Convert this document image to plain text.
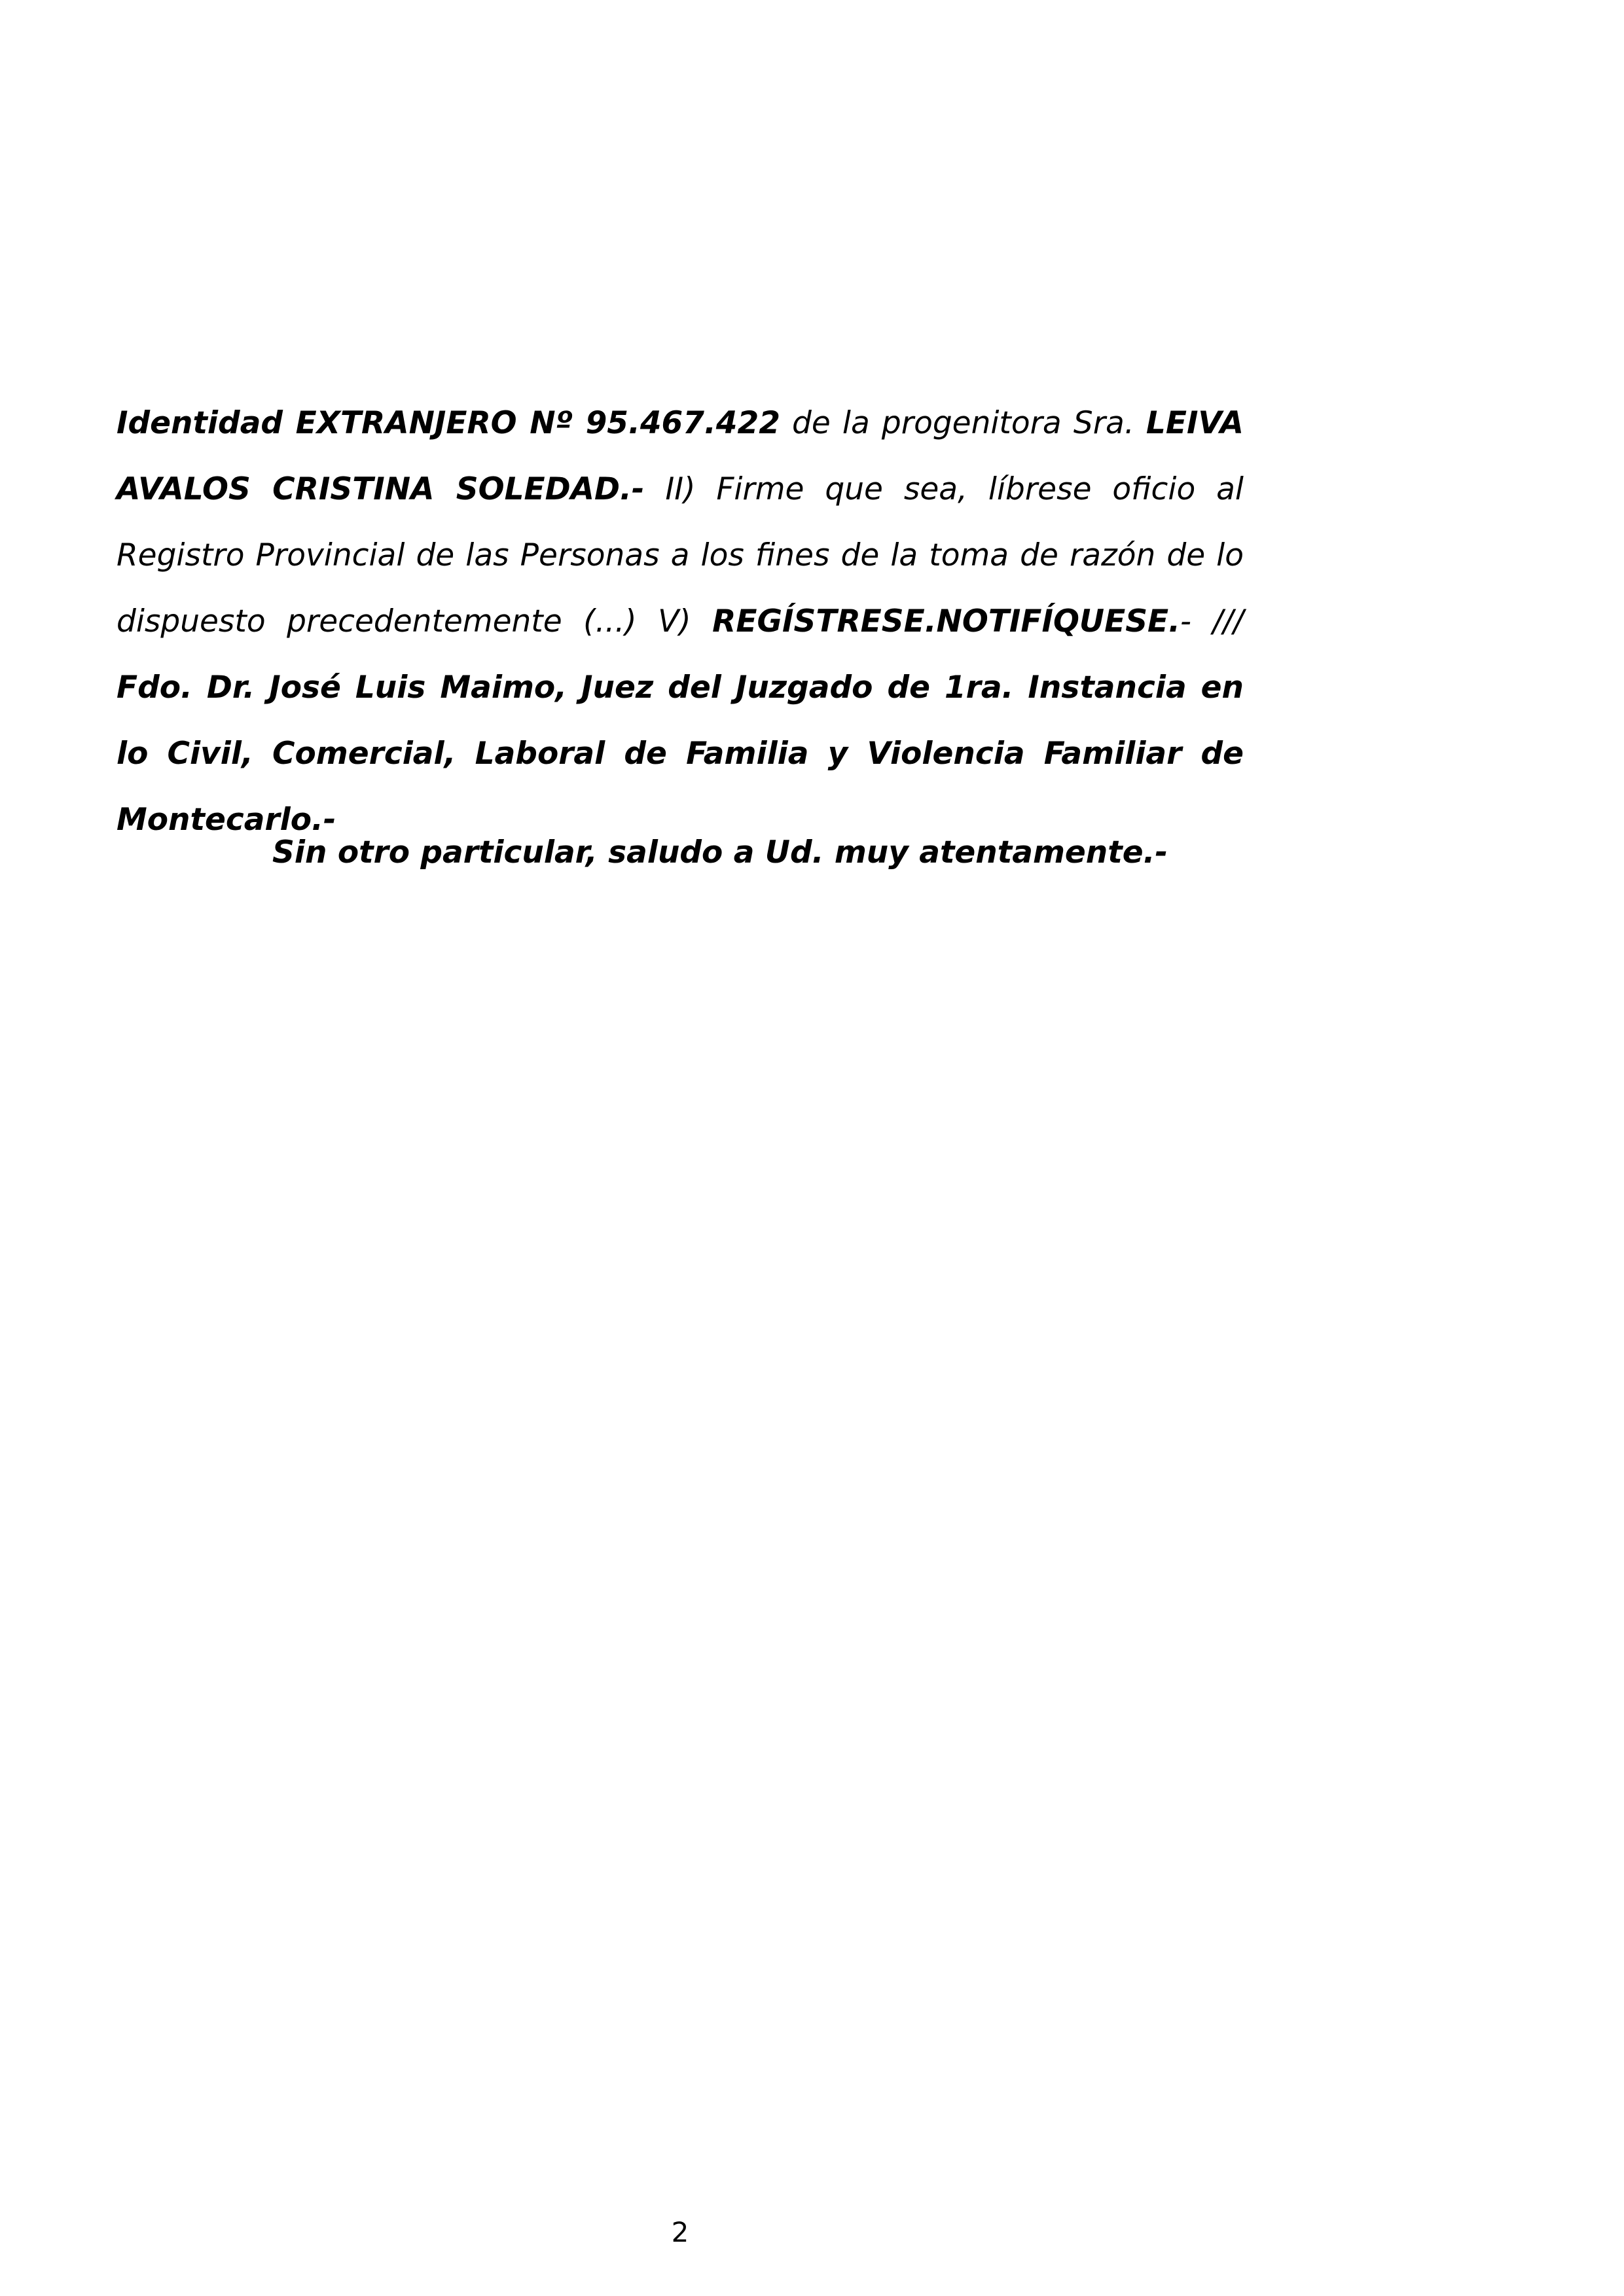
Identidad EXTRANJERO Nº 95.467.422 de la progenitora Sra. LEIVA AVALOS CRISTINA SOLEDAD.- II) Firme que sea, líbrese oficio al Registro Provincial de las Personas a los fines de la toma de razón de lo dispuesto precedentemente (...) V) REGÍSTRESE.NOTIFÍQUESE.- /// Fdo. Dr. José Luis Maimo, Juez del Juzgado de 1ra. Instancia en lo Civil, Comercial, Laboral de Familia y Violencia Familiar de Montecarlo.-

Sin otro particular, saludo a Ud. muy atentamente.-

2
